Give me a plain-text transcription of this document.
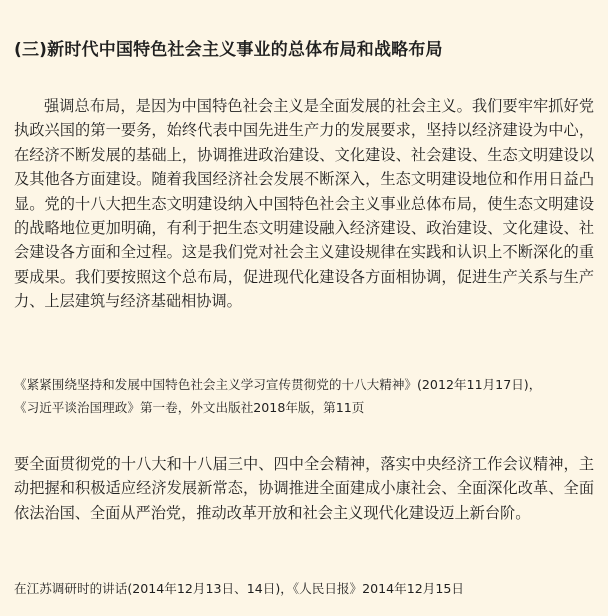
(三)新时代中国特色社会主义事业的总体布局和战略布局

强调总布局，是因为中国特色社会主义是全面发展的社会主义。我们要牢牢抓好党执政兴国的第一要务，始终代表中国先进生产力的发展要求，坚持以经济建设为中心，在经济不断发展的基础上，协调推进政治建设、文化建设、社会建设、生态文明建设以及其他各方面建设。随着我国经济社会发展不断深入，生态文明建设地位和作用日益凸显。党的十八大把生态文明建设纳入中国特色社会主义事业总体布局，使生态文明建设的战略地位更加明确，有利于把生态文明建设融入经济建设、政治建设、文化建设、社会建设各方面和全过程。这是我们党对社会主义建设规律在实践和认识上不断深化的重要成果。我们要按照这个总布局，促进现代化建设各方面相协调，促进生产关系与生产力、上层建筑与经济基础相协调。

《紧紧围绕坚持和发展中国特色社会主义学习宣传贯彻党的十八大精神》(2012年11月17日)，
《习近平谈治国理政》第一卷，外文出版社2018年版，第11页

要全面贯彻党的十八大和十八届三中、四中全会精神，落实中央经济工作会议精神，主动把握和积极适应经济发展新常态，协调推进全面建成小康社会、全面深化改革、全面依法治国、全面从严治党，推动改革开放和社会主义现代化建设迈上新台阶。

在江苏调研时的讲话(2014年12月13日、14日)，《人民日报》2014年12月15日
